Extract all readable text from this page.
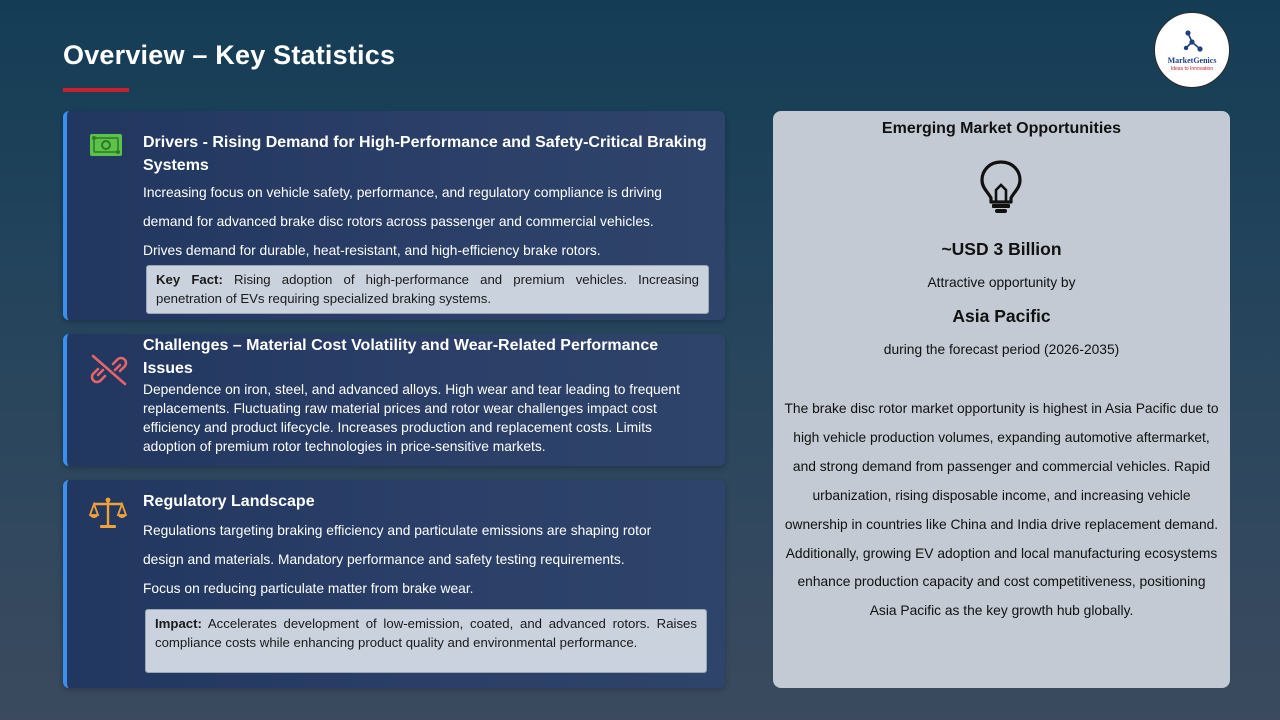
Overview – Key Statistics	MarketGenics
Ideas to Innovation
Drivers - Rising Demand for High-Performance and Safety-Critical Braking Systems

Increasing focus on vehicle safety, performance, and regulatory compliance is driving

demand for advanced brake disc rotors across passenger and commercial vehicles.

Drives demand for durable, heat-resistant, and high-efficiency brake rotors.

Key Fact: Rising adoption of high-performance and premium vehicles. Increasing penetration of EVs requiring specialized braking systems.
Challenges – Material Cost Volatility and Wear-Related Performance Issues
Dependence on iron, steel, and advanced alloys. High wear and tear leading to frequent replacements. Fluctuating raw material prices and rotor wear challenges impact cost efficiency and product lifecycle. Increases production and replacement costs. Limits adoption of premium rotor technologies in price-sensitive markets.
Regulatory Landscape

Regulations targeting braking efficiency and particulate emissions are shaping rotor

design and materials. Mandatory performance and safety testing requirements.

Focus on reducing particulate matter from brake wear.

Impact: Accelerates development of low-emission, coated, and advanced rotors. Raises compliance costs while enhancing product quality and environmental performance.
Emerging Market Opportunities
~USD 3 Billion
Attractive opportunity by
Asia Pacific
during the forecast period (2026-2035)
The brake disc rotor market opportunity is highest in Asia Pacific due to high vehicle production volumes, expanding automotive aftermarket, and strong demand from passenger and commercial vehicles. Rapid urbanization, rising disposable income, and increasing vehicle ownership in countries like China and India drive replacement demand. Additionally, growing EV adoption and local manufacturing ecosystems enhance production capacity and cost competitiveness, positioning Asia Pacific as the key growth hub globally.
